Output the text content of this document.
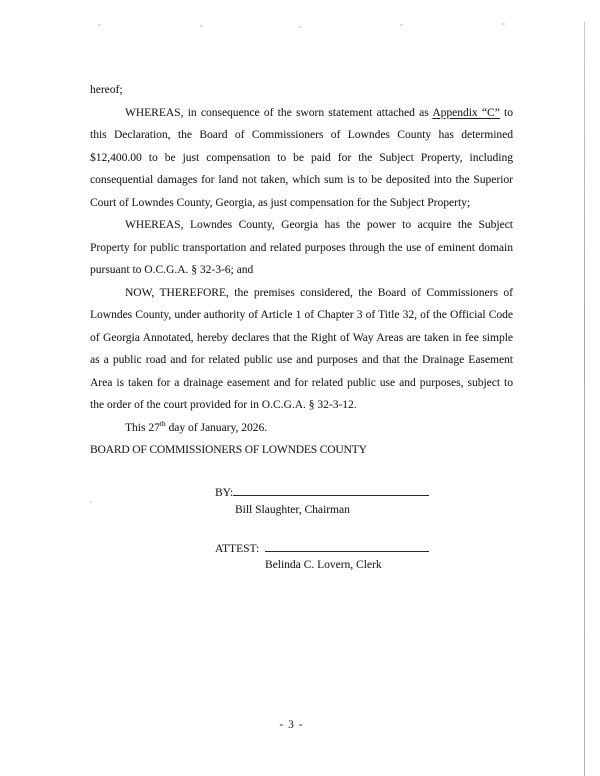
hereof;

WHEREAS, in consequence of the sworn statement attached as Appendix “C” to this Declaration, the Board of Commissioners of Lowndes County has determined $12,400.00 to be just compensation to be paid for the Subject Property, including consequential damages for land not taken, which sum is to be deposited into the Superior Court of Lowndes County, Georgia, as just compensation for the Subject Property;

WHEREAS, Lowndes County, Georgia has the power to acquire the Subject Property for public transportation and related purposes through the use of eminent domain pursuant to O.C.G.A. § 32-3-6; and

NOW, THEREFORE, the premises considered, the Board of Commissioners of Lowndes County, under authority of Article 1 of Chapter 3 of Title 32, of the Official Code of Georgia Annotated, hereby declares that the Right of Way Areas are taken in fee simple as a public road and for related public use and purposes and that the Drainage Easement Area is taken for a drainage easement and for related public use and purposes, subject to the order of the court provided for in O.C.G.A. § 32-3-12.

This 27th day of January, 2026.

BOARD OF COMMISSIONERS OF LOWNDES COUNTY

BY:
Bill Slaughter, Chairman
ATTEST:
Belinda C. Lovern, Clerk
- 3 -
